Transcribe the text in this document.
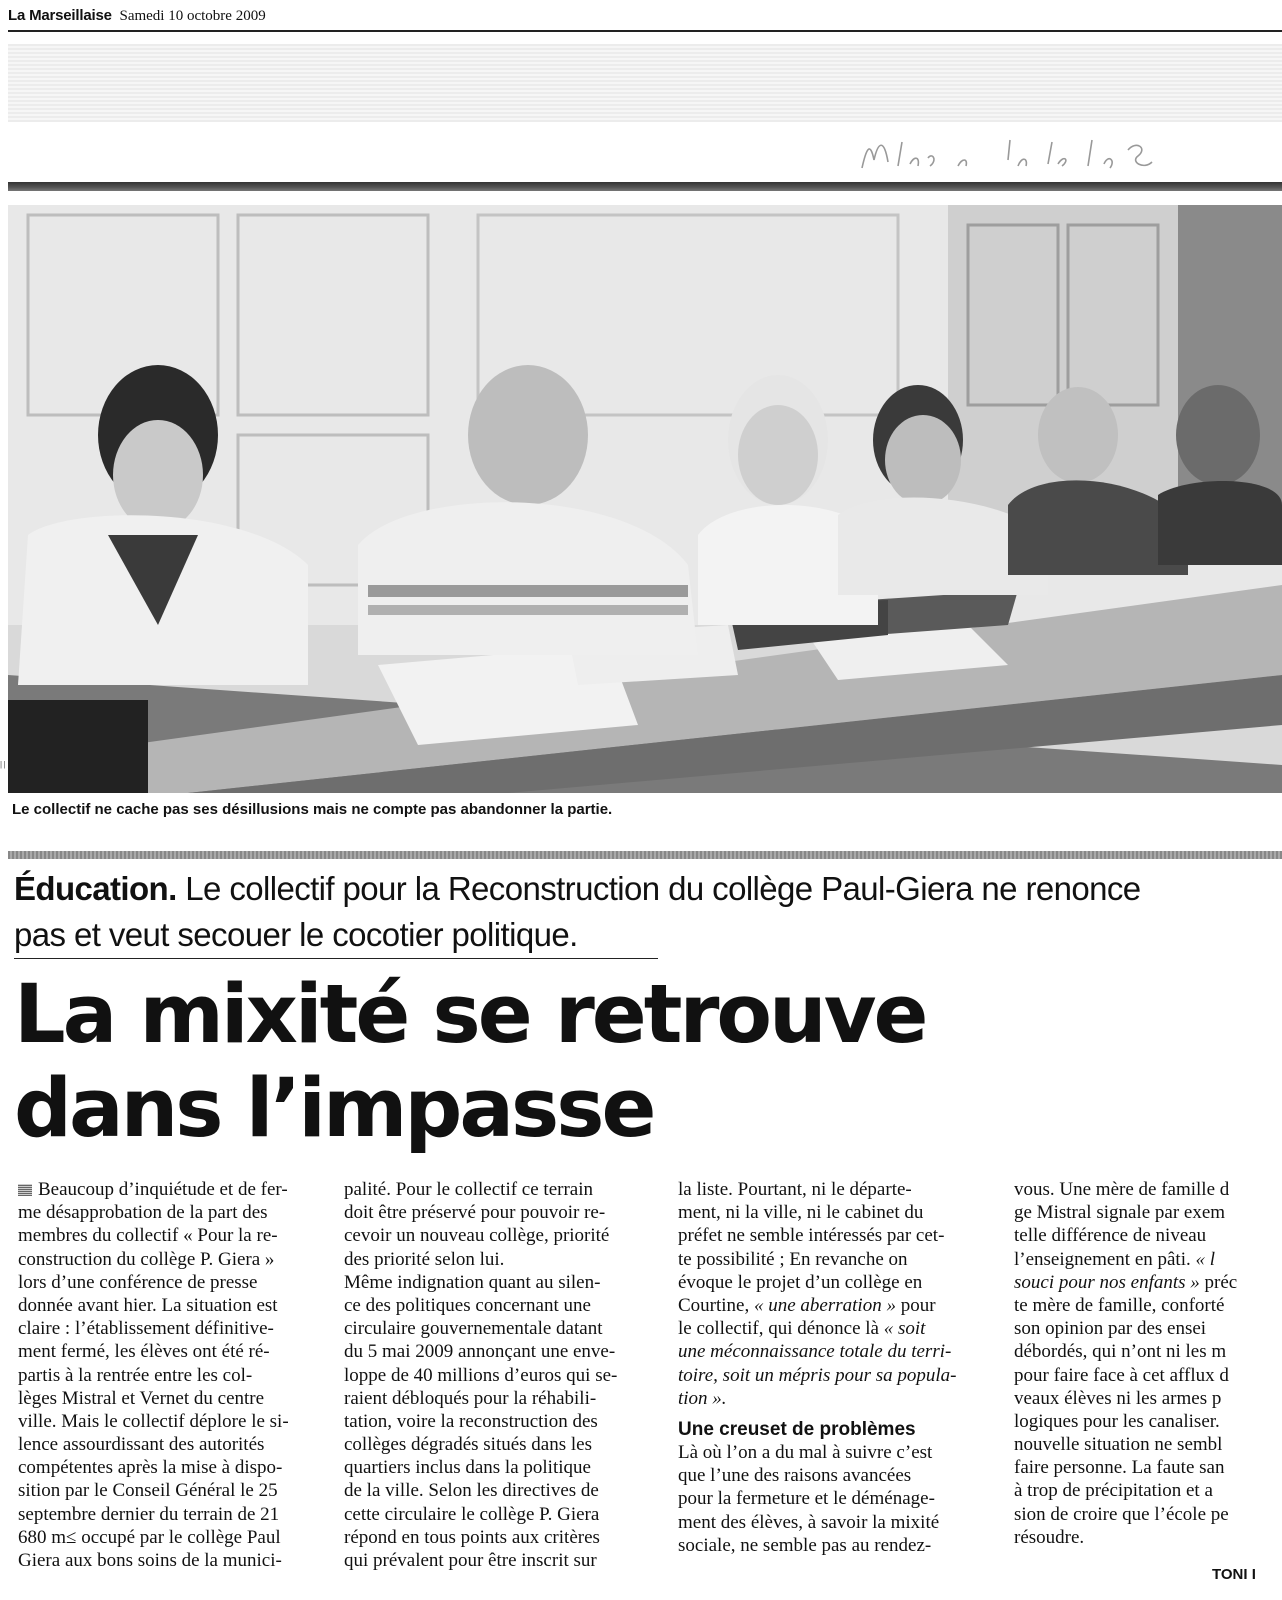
La Marseillaise Samedi 10 octobre 2009
| |
Le collectif ne cache pas ses désillusions mais ne compte pas abandonner la partie.
Éducation. Le collectif pour la Reconstruction du collège Paul-Giera ne renonce
pas et veut secouer le cocotier politique.
La mixité se retrouve
dans l’impasse
Beaucoup d’inquiétude et de fer-
me désapprobation de la part des
membres du collectif « Pour la re-
construction du collège P. Giera »
lors d’une conférence de presse
donnée avant hier. La situation est
claire : l’établissement définitive-
ment fermé, les élèves ont été ré-
partis à la rentrée entre les col-
lèges Mistral et Vernet du centre
ville. Mais le collectif déplore le si-
lence assourdissant des autorités
compétentes après la mise à dispo-
sition par le Conseil Général le 25
septembre dernier du terrain de 21
680 m≤ occupé par le collège Paul
Giera aux bons soins de la munici-
palité. Pour le collectif ce terrain
doit être préservé pour pouvoir re-
cevoir un nouveau collège, priorité
des priorité selon lui.
Même indignation quant au silen-
ce des politiques concernant une
circulaire gouvernementale datant
du 5 mai 2009 annonçant une enve-
loppe de 40 millions d’euros qui se-
raient débloqués pour la réhabili-
tation, voire la reconstruction des
collèges dégradés situés dans les
quartiers inclus dans la politique
de la ville. Selon les directives de
cette circulaire le collège P. Giera
répond en tous points aux critères
qui prévalent pour être inscrit sur
la liste. Pourtant, ni le départe-
ment, ni la ville, ni le cabinet du
préfet ne semble intéressés par cet-
te possibilité ; En revanche on
évoque le projet d’un collège en
Courtine, « une aberration » pour
le collectif, qui dénonce là « soit
une méconnaissance totale du terri-
toire, soit un mépris pour sa popula-
tion ».
Une creuset de problèmes
Là où l’on a du mal à suivre c’est
que l’une des raisons avancées
pour la fermeture et le déménage-
ment des élèves, à savoir la mixité
sociale, ne semble pas au rendez-
vous. Une mère de famille d
ge Mistral signale par exem
telle différence de niveau
l’enseignement en pâti. « l
souci pour nos enfants » préc
te mère de famille, conforté
son opinion par des ensei
débordés, qui n’ont ni les m
pour faire face à cet afflux d
veaux élèves ni les armes p
logiques pour les canaliser.
nouvelle situation ne sembl
faire personne. La faute san
à trop de précipitation et a
sion de croire que l’école pe
résoudre.
TONI I
